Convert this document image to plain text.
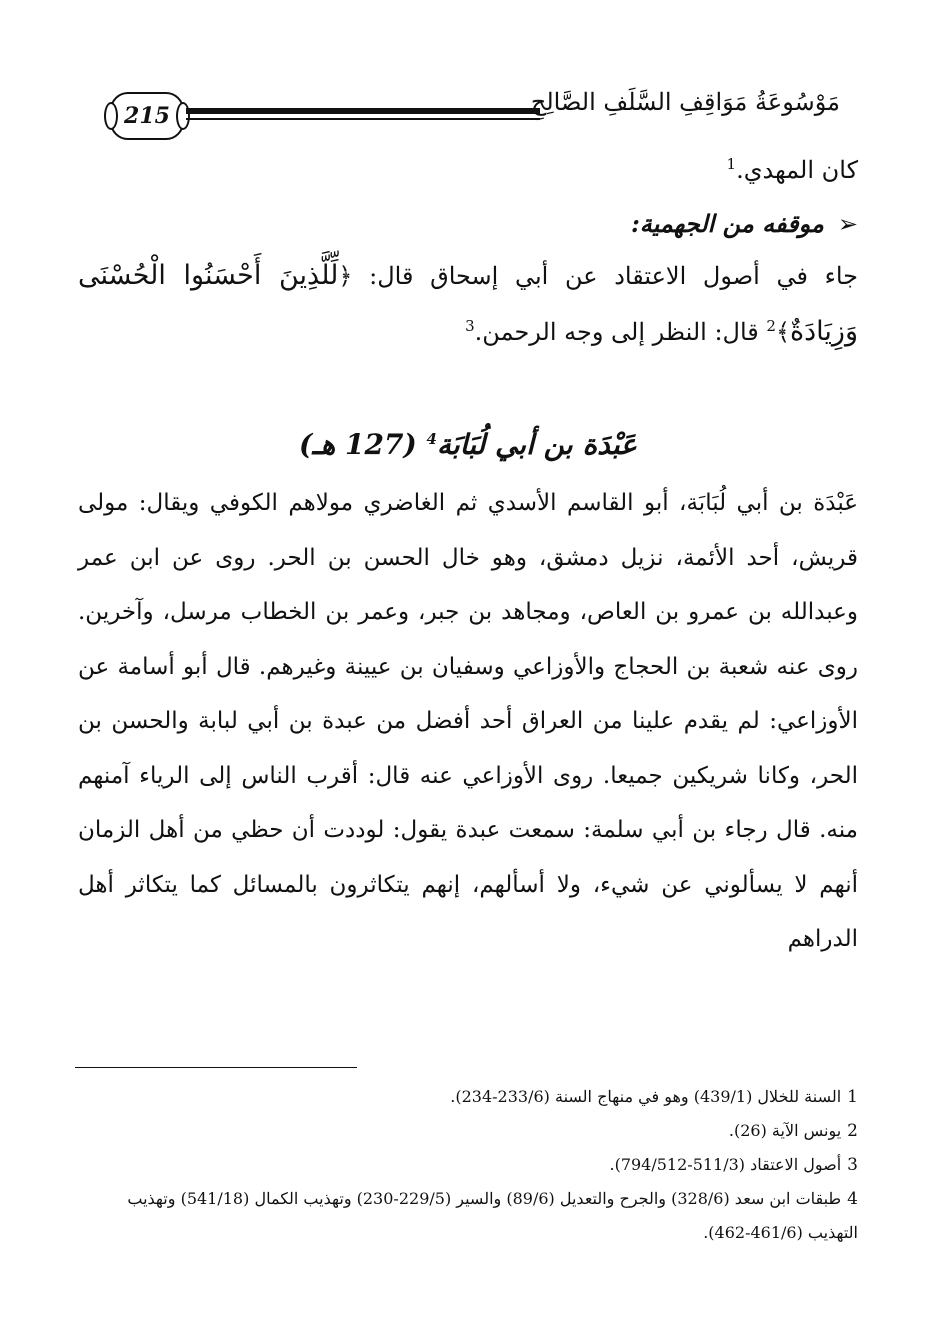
215	مَوْسُوعَةُ مَوَاقِفِ السَّلَفِ الصَّالِحِ

كان المهدي.$^1$

➢موقفه من الجهمية:

جاء في أصول الاعتقاد عن أبي إسحاق قال: ﴿لِّلَّذِينَ أَحْسَنُوا الْحُسْنَى وَزِيَادَةٌ﴾$^2$ قال: النظر إلى وجه الرحمن.$^3$

عَبْدَة بن أبي لُبَابَة$^4$ (127 هـ)

عَبْدَة بن أبي لُبَابَة، أبو القاسم الأسدي ثم الغاضري مولاهم الكوفي ويقال: مولى قريش، أحد الأئمة، نزيل دمشق، وهو خال الحسن بن الحر. روى عن ابن عمر وعبدالله بن عمرو بن العاص، ومجاهد بن جبر، وعمر بن الخطاب مرسل، وآخرين. روى عنه شعبة بن الحجاج والأوزاعي وسفيان بن عيينة وغيرهم. قال أبو أسامة عن الأوزاعي: لم يقدم علينا من العراق أحد أفضل من عبدة بن أبي لبابة والحسن بن الحر، وكانا شريكين جميعا. روى الأوزاعي عنه قال: أقرب الناس إلى الرياء آمنهم منه. قال رجاء بن أبي سلمة: سمعت عبدة يقول: لوددت أن حظي من أهل الزمان أنهم لا يسألوني عن شيء، ولا أسألهم، إنهم يتكاثرون بالمسائل كما يتكاثر أهل الدراهم

1السنة للخلال (439/1) وهو في منهاج السنة (233/6-234).
2يونس الآية (26).
3أصول الاعتقاد (511/3-794/512).
4طبقات ابن سعد (328/6) والجرح والتعديل (89/6) والسير (229/5-230) وتهذيب الكمال (541/18) وتهذيب التهذيب (461/6-462).
